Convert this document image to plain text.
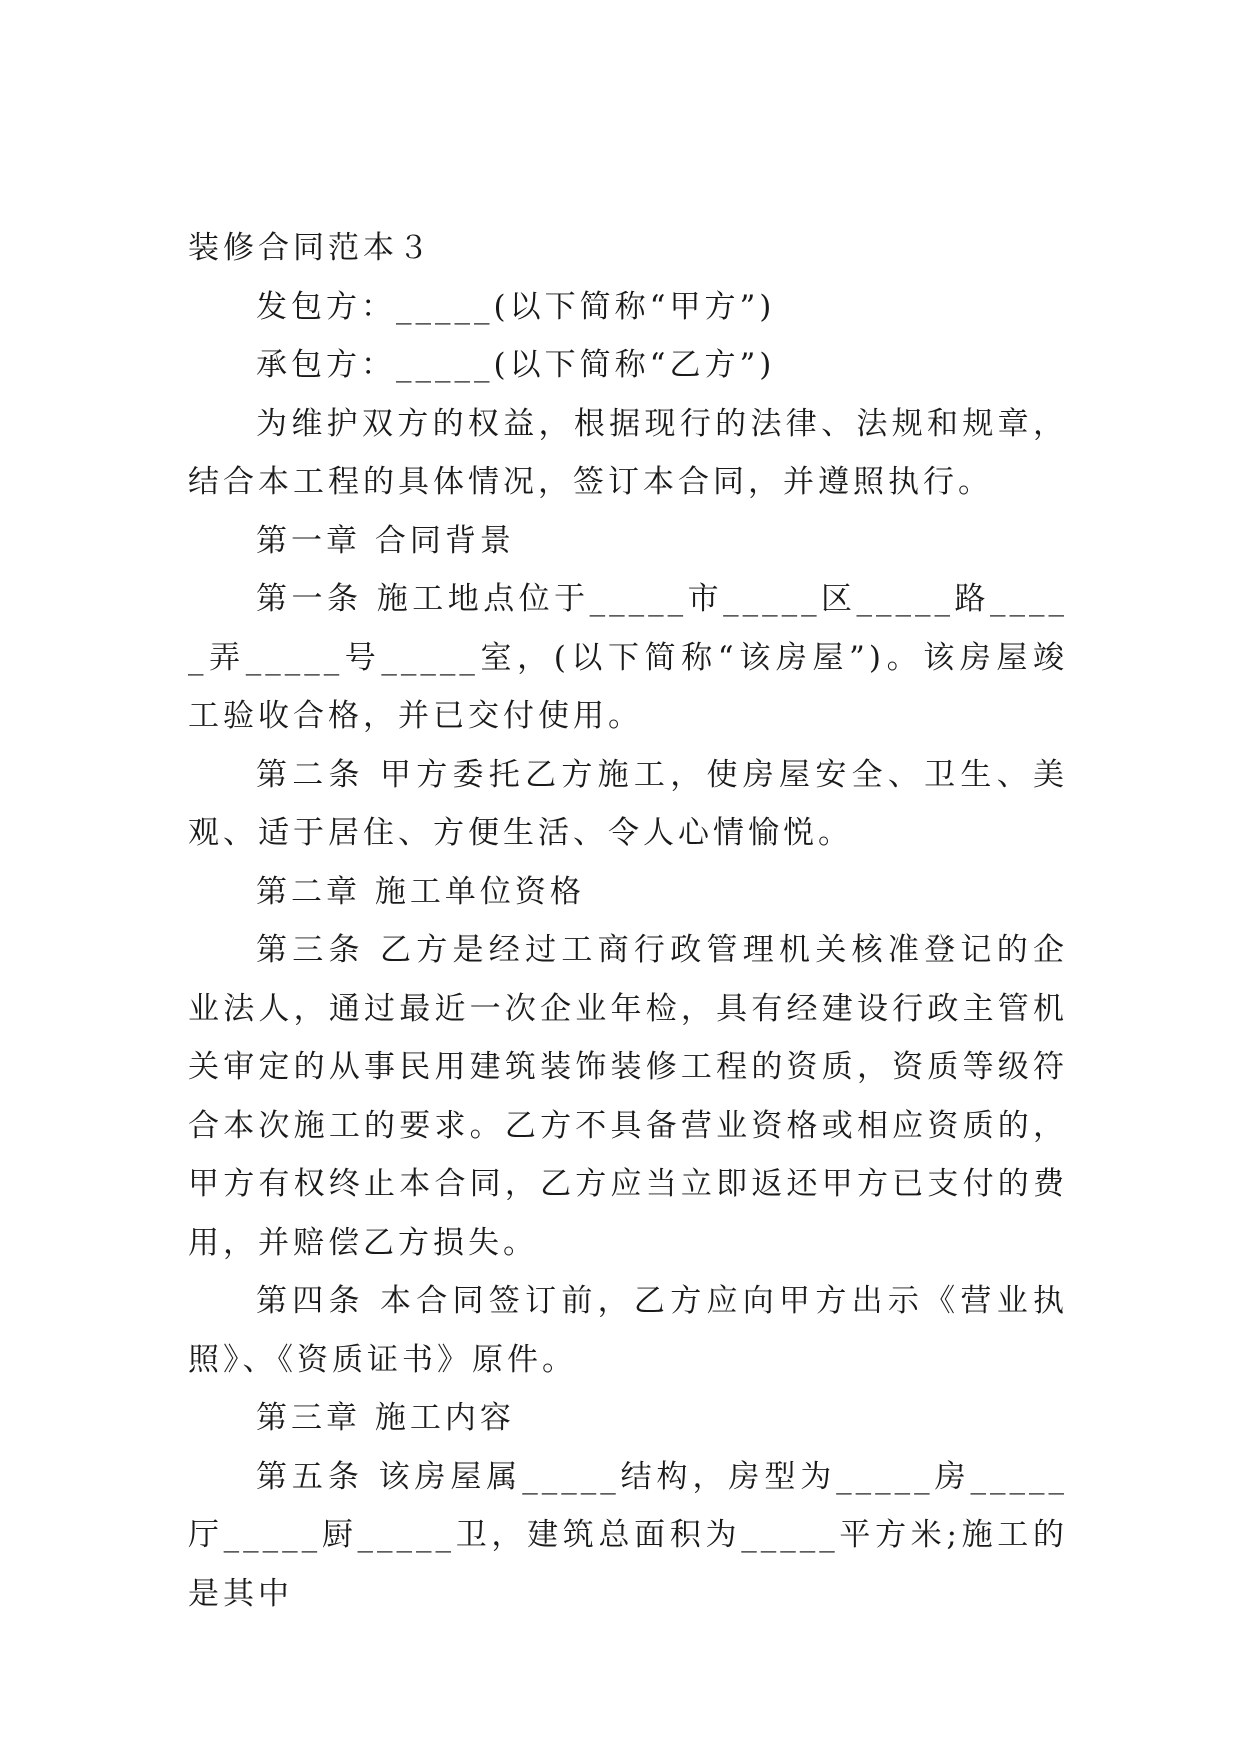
装修合同范本３

发包方：_____(以下简称“甲方”)

承包方：_____(以下简称“乙方”)

为维护双方的权益，根据现行的法律、法规和规章，结合本工程的具体情况，签订本合同，并遵照执行。

第一章 合同背景

第一条 施工地点位于_____市_____区_____路_____弄_____号_____室，(以下简称“该房屋”)。该房屋竣工验收合格，并已交付使用。

第二条 甲方委托乙方施工，使房屋安全、卫生、美观、适于居住、方便生活、令人心情愉悦。

第二章 施工单位资格

第三条 乙方是经过工商行政管理机关核准登记的企业法人，通过最近一次企业年检，具有经建设行政主管机关审定的从事民用建筑装饰装修工程的资质，资质等级符合本次施工的要求。乙方不具备营业资格或相应资质的，甲方有权终止本合同，乙方应当立即返还甲方已支付的费用，并赔偿乙方损失。

第四条 本合同签订前，乙方应向甲方出示《营业执照》、《资质证书》原件。

第三章 施工内容

第五条 该房屋属_____结构，房型为_____房_____厅_____厨_____卫，建筑总面积为_____平方米;施工的是其中
